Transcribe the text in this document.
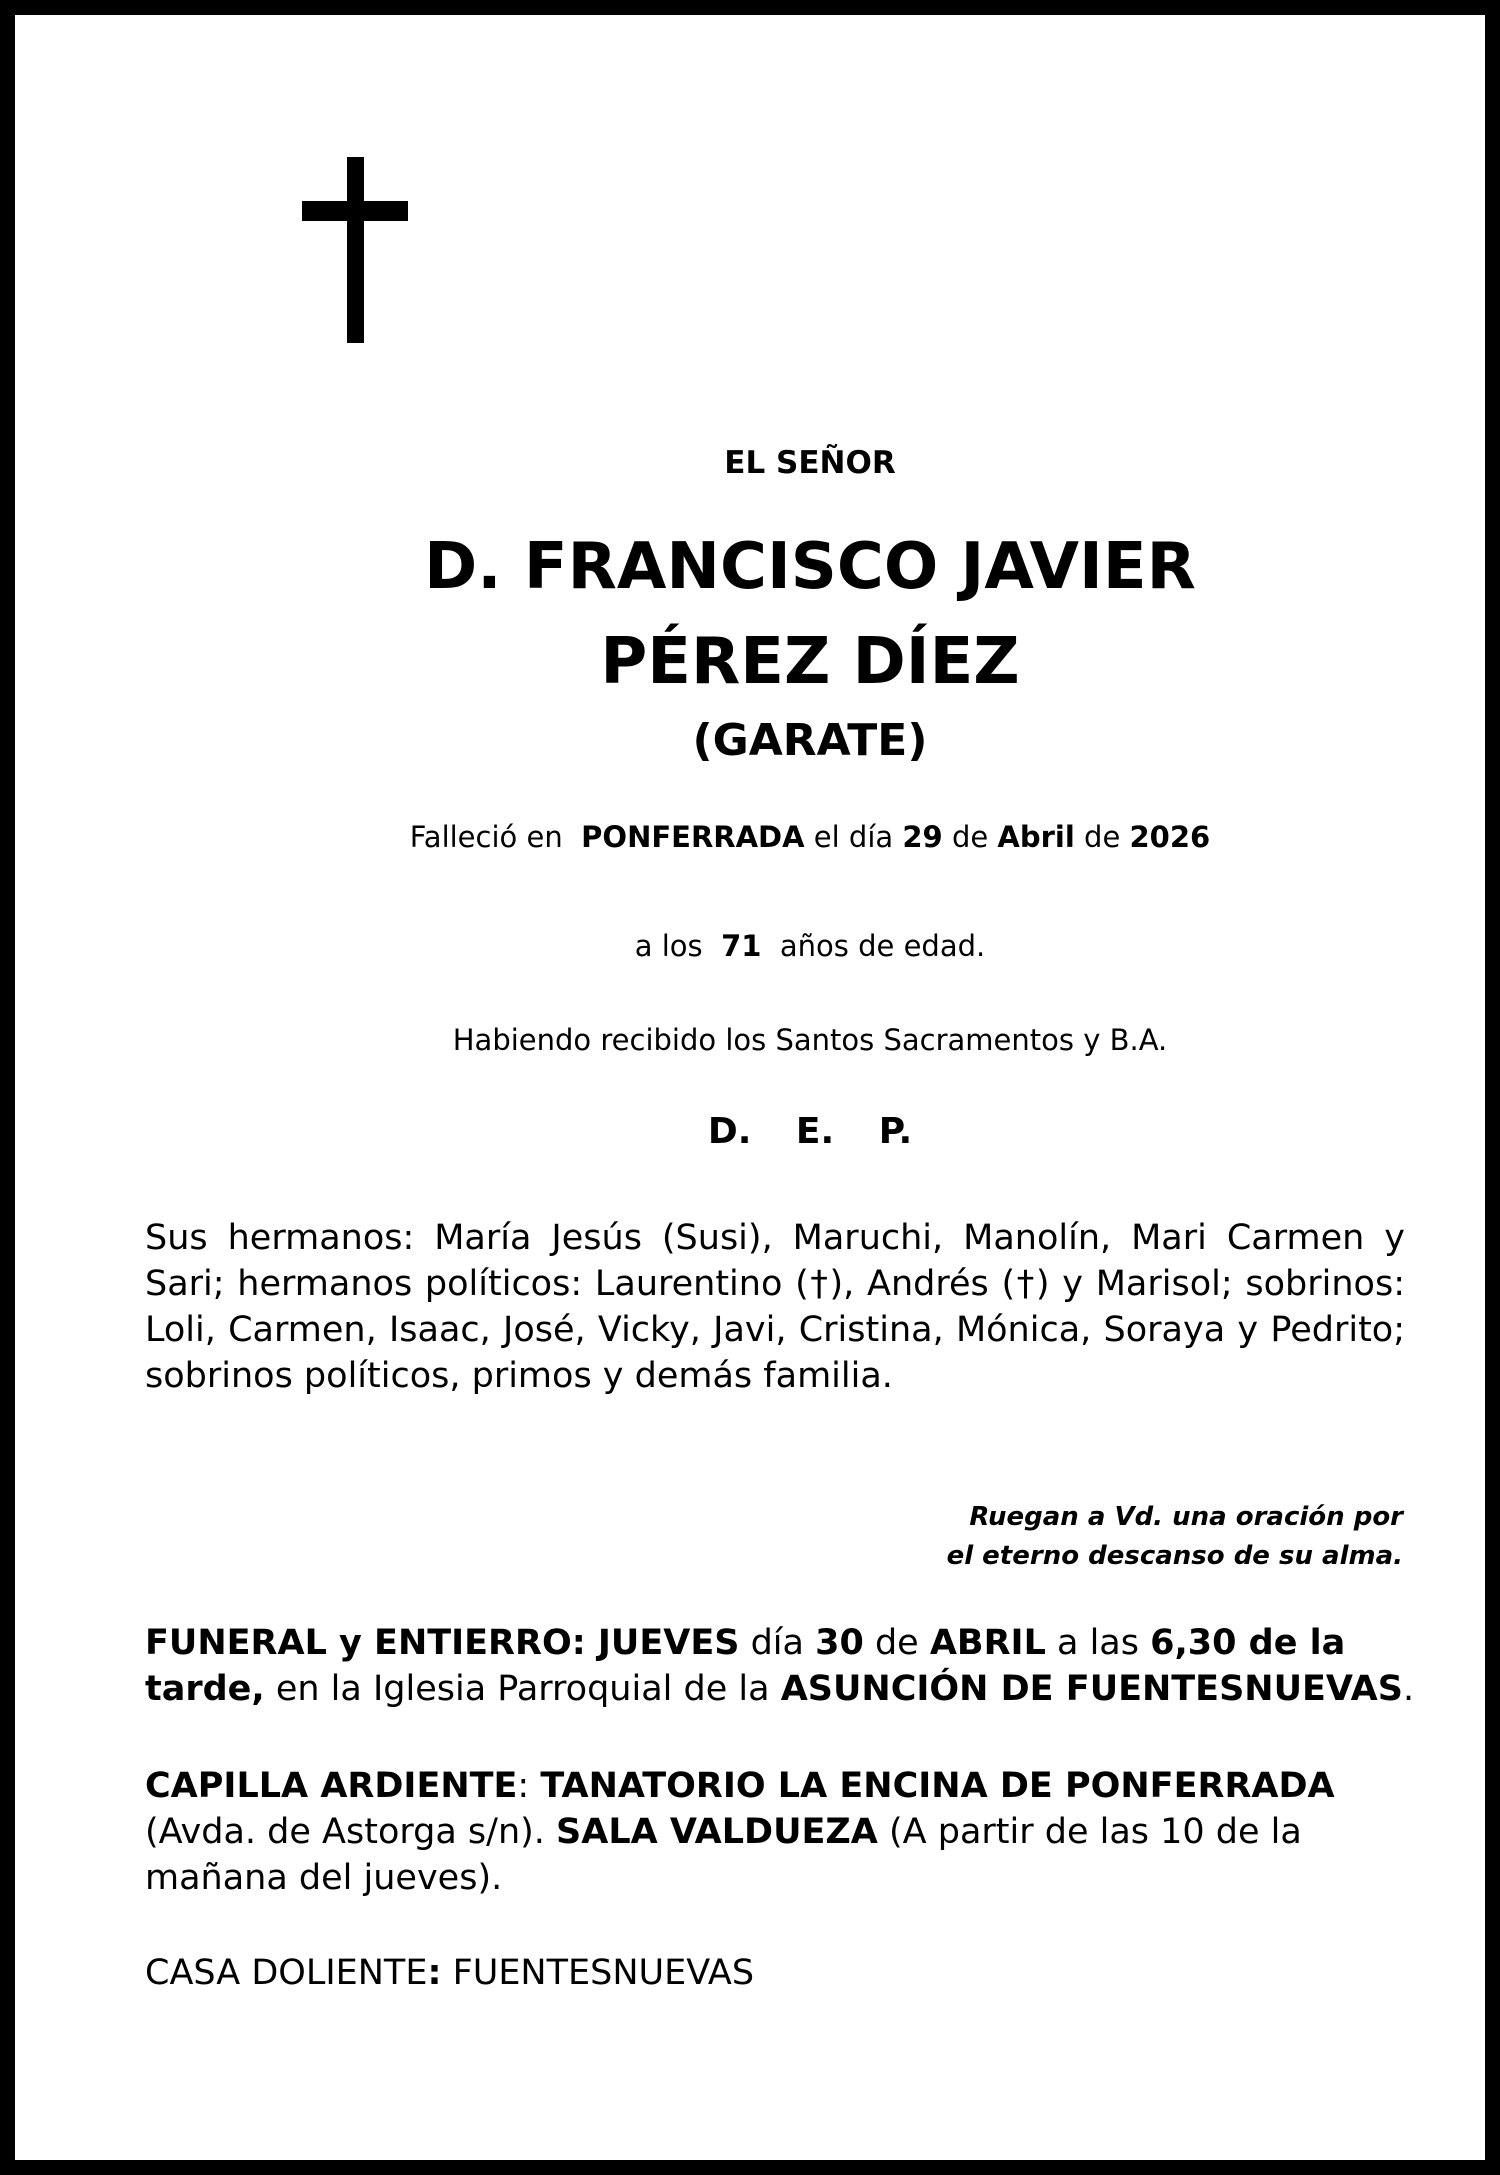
EL SEÑOR

D. FRANCISCO JAVIER

PÉREZ DÍEZ

(GARATE)

Falleció en  PONFERRADA el día 29 de Abril de 2026

a los  71  años de edad.

Habiendo recibido los Santos Sacramentos y B.A.

D. E. P.

Sus hermanos: María Jesús (Susi), Maruchi, Manolín, Mari Carmen y Sari; hermanos políticos: Laurentino (†), Andrés (†) y Marisol; sobrinos: Loli, Carmen, Isaac, José, Vicky, Javi, Cristina, Mónica, Soraya y Pedrito; sobrinos políticos, primos y demás familia.

Ruegan a Vd. una oración por
el eterno descanso de su alma.

FUNERAL y ENTIERRO: JUEVES día 30 de ABRIL a las 6,30 de la tarde, en la Iglesia Parroquial de la ASUNCIÓN DE FUENTESNUEVAS.

CAPILLA ARDIENTE: TANATORIO LA ENCINA DE PONFERRADA (Avda. de Astorga s/n). SALA VALDUEZA (A partir de las 10 de la mañana del jueves).

CASA DOLIENTE: FUENTESNUEVAS
